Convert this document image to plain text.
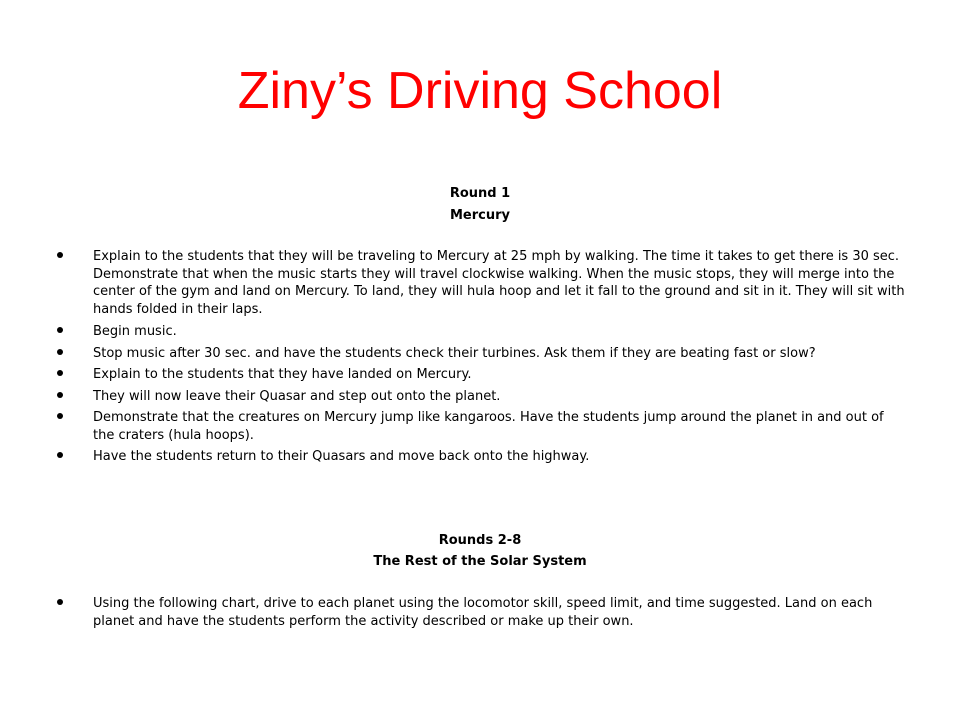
Ziny’s Driving School
Round 1
Mercury
Explain to the students that they will be traveling to Mercury at 25 mph by walking. The time it takes to get there is 30 sec. Demonstrate that when the music starts they will travel clockwise walking. When the music stops, they will merge into the center of the gym and land on Mercury. To land, they will hula hoop and let it fall to the ground and sit in it. They will sit with hands folded in their laps.
Begin music.
Stop music after 30 sec. and have the students check their turbines. Ask them if they are beating fast or slow?
Explain to the students that they have landed on Mercury.
They will now leave their Quasar and step out onto the planet.
Demonstrate that the creatures on Mercury jump like kangaroos. Have the students jump around the planet in and out of the craters (hula hoops).
Have the students return to their Quasars and move back onto the highway.
Rounds 2-8
The Rest of the Solar System
Using the following chart, drive to each planet using the locomotor skill, speed limit, and time suggested. Land on each planet and have the students perform the activity described or make up their own.
